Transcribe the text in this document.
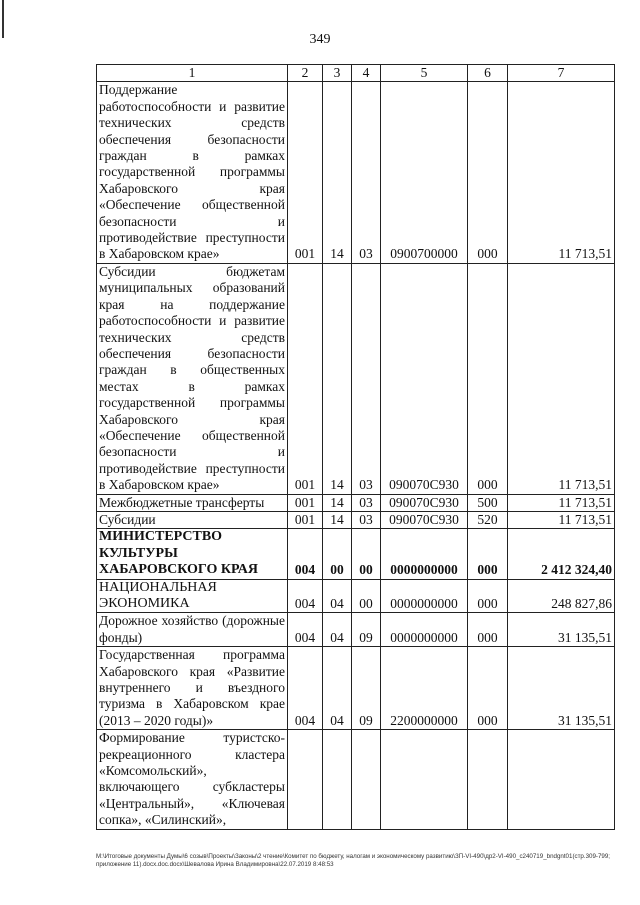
349
1	2	3	4	5	6	7
Поддержание работоспособности и развитие технических средств обеспечения безопасности граждан в рамках государственной программы Хабаровского края «Обеспечение общественной безопасности и противодействие преступности в Хабаровском крае»	001	14	03	0900700000	000	11 713,51
Субсидии бюджетам муниципальных образований края на поддержание работоспособности и развитие технических средств обеспечения безопасности граждан в общественных местах в рамках государственной программы Хабаровского края «Обеспечение общественной безопасности и противодействие преступности в Хабаровском крае»	001	14	03	090070С930	000	11 713,51
Межбюджетные трансферты	001	14	03	090070С930	500	11 713,51
Субсидии	001	14	03	090070С930	520	11 713,51
МИНИСТЕРСТВО КУЛЬТУРЫ ХАБАРОВСКОГО КРАЯ	004	00	00	0000000000	000	2 412 324,40
НАЦИОНАЛЬНАЯ ЭКОНОМИКА	004	04	00	0000000000	000	248 827,86
Дорожное хозяйство (дорожные фонды)	004	04	09	0000000000	000	31 135,51
Государственная программа Хабаровского края «Развитие внутреннего и въездного туризма в Хабаровском крае (2013 – 2020 годы)»	004	04	09	2200000000	000	31 135,51
Формирование туристско-рекреационного кластера «Комсомольский», включающего субкластеры «Центральный», «Ключевая сопка», «Силинский»,						
M:\Итоговые документы Думы\6 созыв\Проекты\Законы\2 чтение\Комитет по бюджету, налогам и экономическому развитию\ЗП-VI-490\др2-VI-490_с240719_bndgnt01(стр.309-799; приложение 11).docx.doc.docx\Шевалова Ирина Владимировна\22.07.2019 8:48:53
